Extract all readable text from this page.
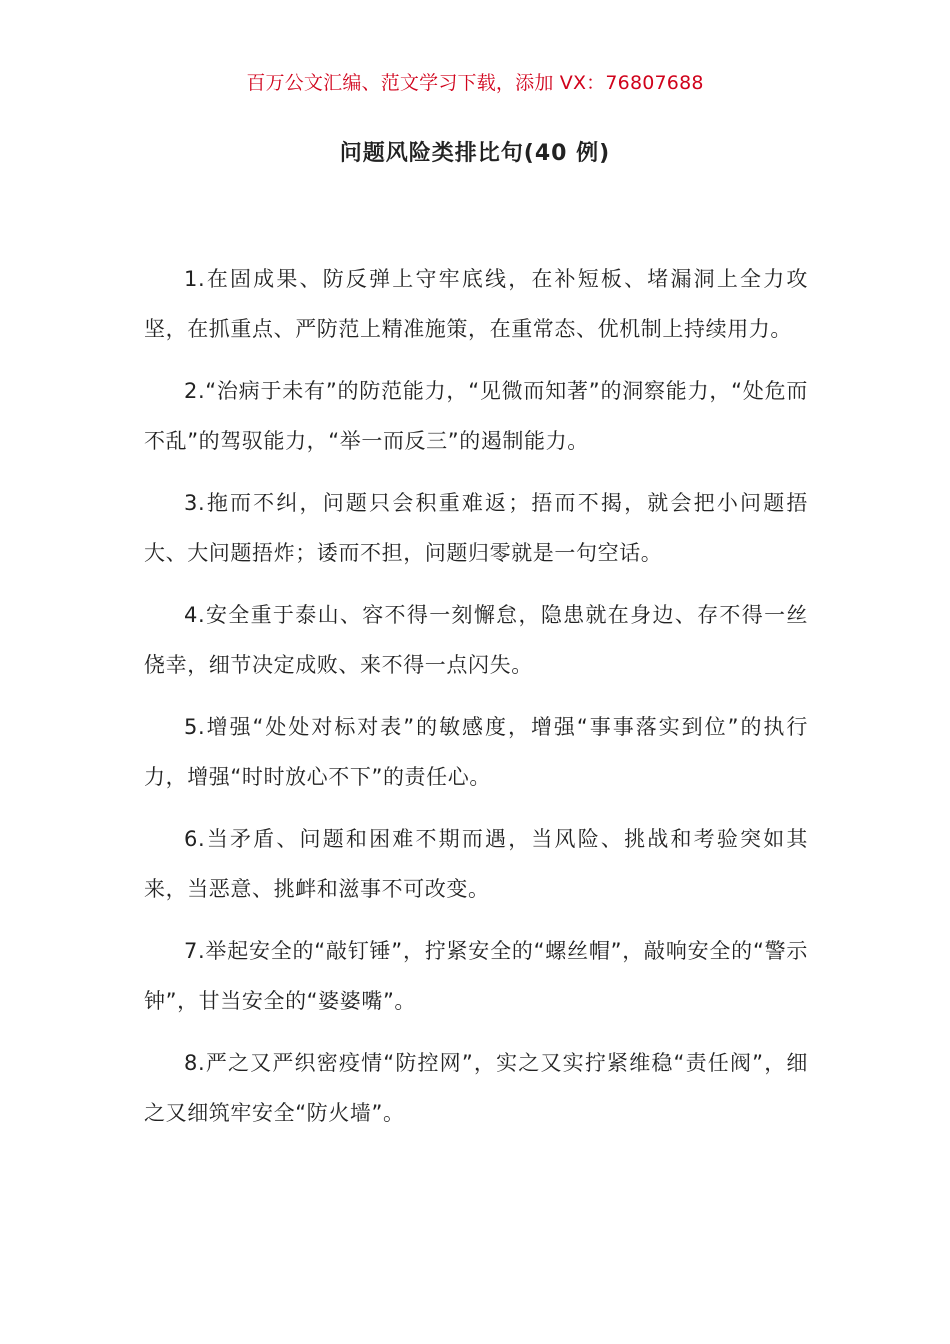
百万公文汇编、范文学习下载，添加 VX：76807688
问题风险类排比句(40 例)

1.在固成果、防反弹上守牢底线，在补短板、堵漏洞上全力攻坚，在抓重点、严防范上精准施策，在重常态、优机制上持续用力。

2.“治病于未有”的防范能力，“见微而知著”的洞察能力，“处危而不乱”的驾驭能力，“举一而反三”的遏制能力。

3.拖而不纠，问题只会积重难返；捂而不揭，就会把小问题捂大、大问题捂炸；诿而不担，问题归零就是一句空话。

4.安全重于泰山、容不得一刻懈怠，隐患就在身边、存不得一丝侥幸，细节决定成败、来不得一点闪失。

5.增强“处处对标对表”的敏感度，增强“事事落实到位”的执行力，增强“时时放心不下”的责任心。

6.当矛盾、问题和困难不期而遇，当风险、挑战和考验突如其来，当恶意、挑衅和滋事不可改变。

7.举起安全的“敲钉锤”，拧紧安全的“螺丝帽”，敲响安全的“警示钟”，甘当安全的“婆婆嘴”。

8.严之又严织密疫情“防控网”，实之又实拧紧维稳“责任阀”，细之又细筑牢安全“防火墙”。
